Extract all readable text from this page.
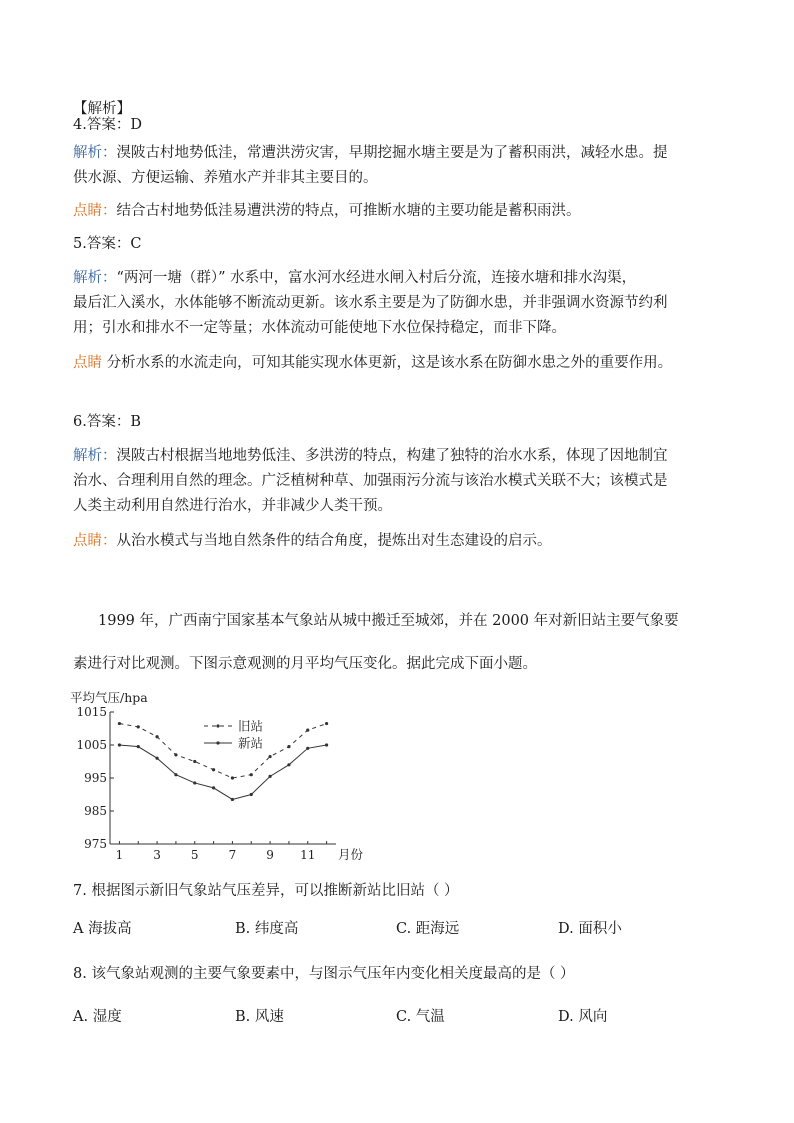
【解析】
4.答案：D
解析：湨陂古村地势低洼，常遭洪涝灾害，早期挖掘水塘主要是为了蓄积雨洪，减轻水患。提
供水源、方便运输、养殖水产并非其主要目的。
点睛：结合古村地势低洼易遭洪涝的特点，可推断水塘的主要功能是蓄积雨洪。
5.答案：C
解析：“两河一塘（群）” 水系中，富水河水经进水闸入村后分流，连接水塘和排水沟渠，
最后汇入溪水，水体能够不断流动更新。该水系主要是为了防御水患，并非强调水资源节约利
用；引水和排水不一定等量；水体流动可能使地下水位保持稳定，而非下降。
点睛 分析水系的水流走向，可知其能实现水体更新，这是该水系在防御水患之外的重要作用。
6.答案：B
解析：湨陂古村根据当地地势低洼、多洪涝的特点，构建了独特的治水水系，体现了因地制宜
治水、合理利用自然的理念。广泛植树种草、加强雨污分流与该治水模式关联不大；该模式是
人类主动利用自然进行治水，并非减少人类干预。
点睛：从治水模式与当地自然条件的结合角度，提炼出对生态建设的启示。
1999 年，广西南宁国家基本气象站从城中搬迁至城郊，并在 2000 年对新旧站主要气象要
素进行对比观测。下图示意观测的月平均气压变化。据此完成下面小题。
平均气压/hpa
1015
1005
995
985
975
1	3	5	7	9 11 月份
旧站
新站
7. 根据图示新旧气象站气压差异，可以推断新站比旧站（ ）
A 海拔高	B. 纬度高	C. 距海远	D. 面积小
8. 该气象站观测的主要气象要素中，与图示气压年内变化相关度最高的是（ ）
A. 湿度	B. 风速	C. 气温	D. 风向
